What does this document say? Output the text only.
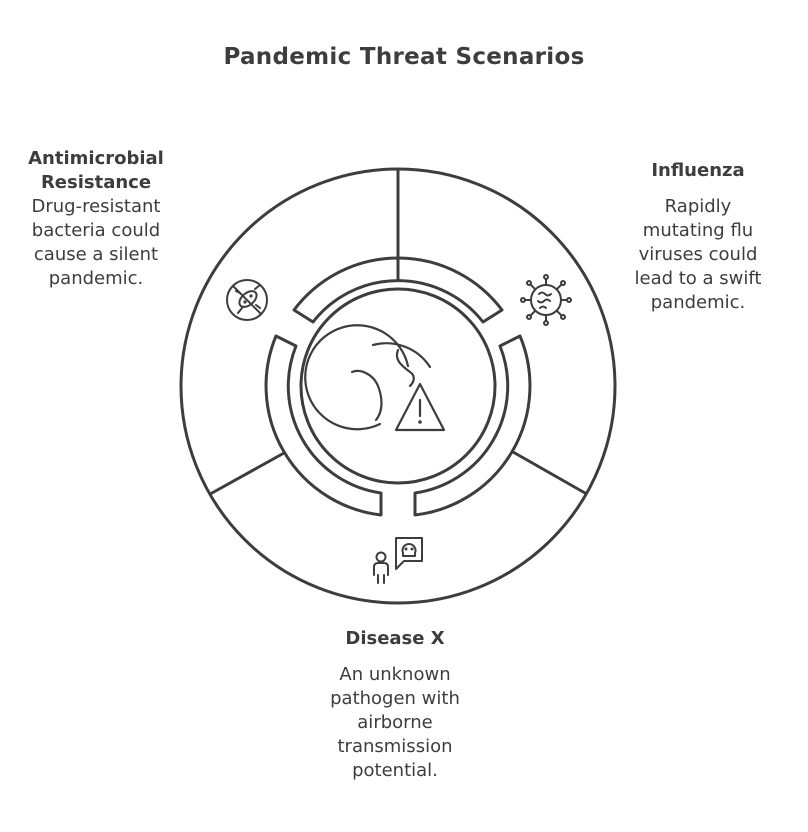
Pandemic Threat Scenarios
Antimicrobial
Resistance
Drug-resistant
bacteria could
cause a silent
pandemic.
Influenza
Rapidly
mutating flu
viruses could
lead to a swift
pandemic.
Disease X
An unknown
pathogen with
airborne
transmission
potential.
